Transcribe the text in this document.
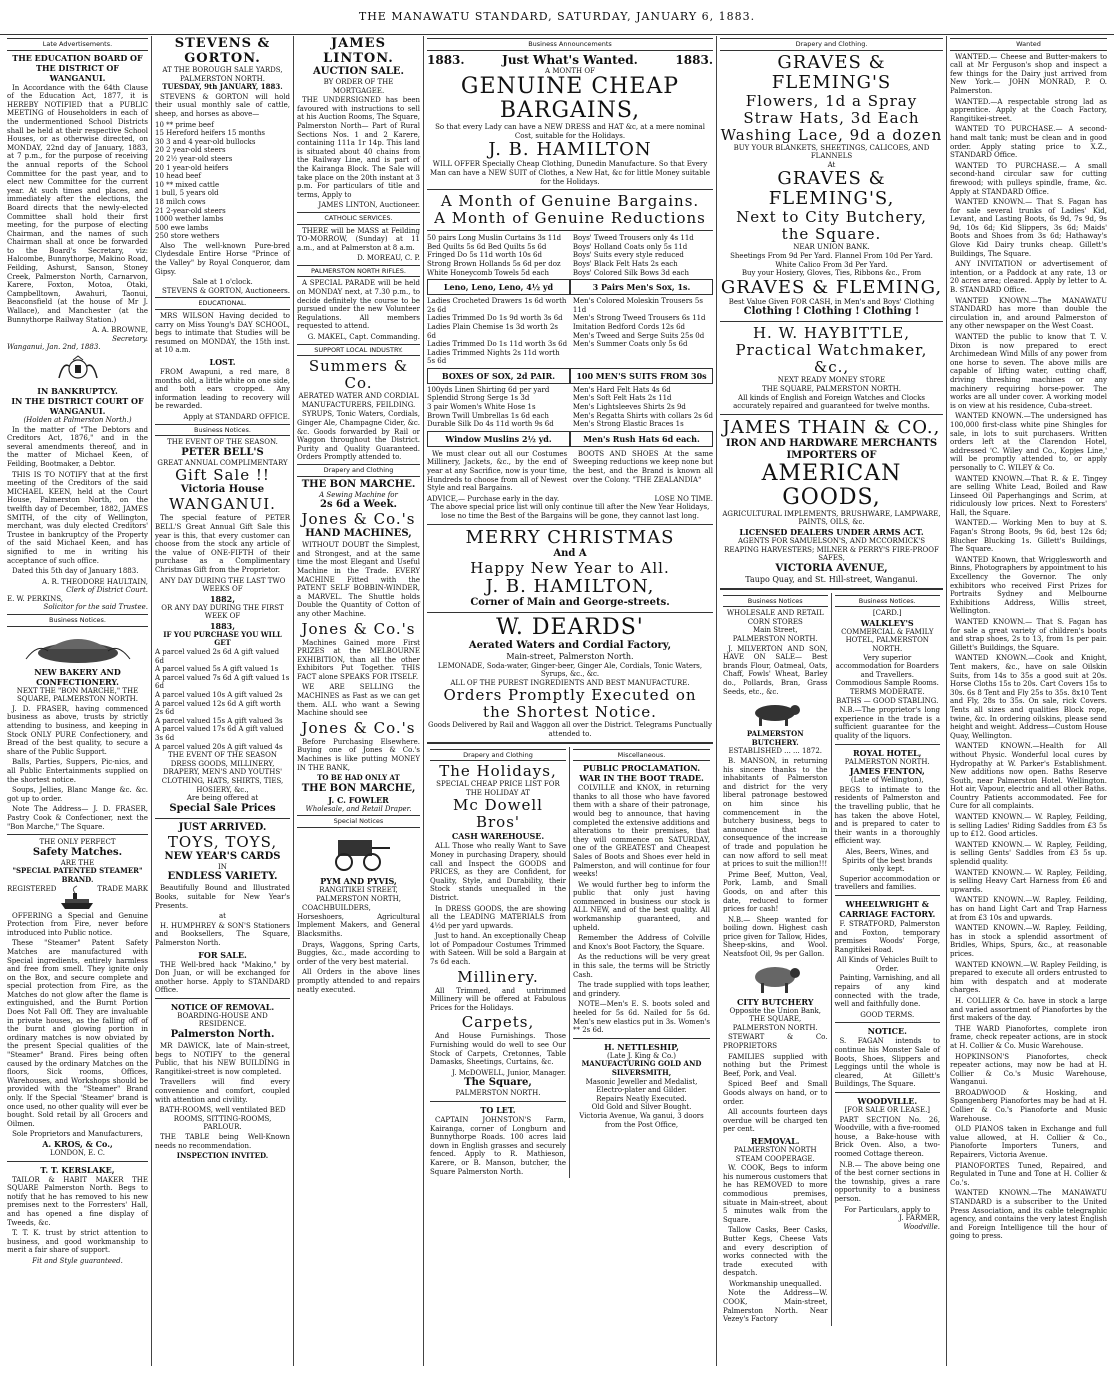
THE MANAWATU STANDARD, SATURDAY, JANUARY 6, 1883.
Late Advertisements.
THE EDUCATION BOARD OF THE DISTRICT OF WANGANUI.
In Accordance with the 64th Clause of the Education Act, 1877, it is HEREBY NOTIFIED that a PUBLIC MEETING of Householders in each of the undermentioned School Districts shall be held at their respective School Houses, or as otherwise directed, on MONDAY, 22nd day of January, 1883, at 7 p.m., for the purpose of receiving the annual reports of the School Committee for the past year, and to elect new Committee for the current year. At such times and places, and immediately after the elections, the Board directs that the newly-elected Committee shall hold their first meeting, for the purpose of electing Chairman, and the names of such Chairman shall at once be forwarded to the Board's Secretary, viz: Halcombe, Bunnythorpe, Makino Road, Feilding, Ashurst, Sanson, Stoney Creek, Palmerston North, Carnarvon, Karere, Foxton, Motoa, Otaki, Campbelltown, Awahuri, Taonui, Beaconsfield (at the house of Mr J. Wallace), and Manchester (at the Bunnythorpe Railway Station.)
A. A. BROWNE,
Secretary.
Wanganui, Jan. 2nd, 1883.
IN BANKRUPTCY.
IN THE DISTRICT COURT OF WANGANUI.
(Holden at Palmerston North.)
In the matter of "The Debtors and Creditors Act, 1876," and in the several amendments thereof, and in the matter of Michael Keen, of Feilding, Bootmaker, a Debtor.
THIS IS TO NOTIFY that at the first meeting of the Creditors of the said MICHAEL KEEN, held at the Court House, Palmerston North, on the twelfth day of December, 1882, JAMES SMITH, of the city of Wellington, merchant, was duly elected Creditors' Trustee in bankruptcy of the Property of the said Michael Keen, and has signified to me in writing his acceptance of such office.
Dated this 5th day of January 1883.
A. R. THEODORE HAULTAIN,
Clerk of District Court.
E. W. PERKINS,
Solicitor for the said Trustee.
Business Notices.
NEW BAKERY AND CONFECTIONERY.
NEXT THE "BON MARCHE," THE SQUARE, PALMERSTON NORTH.
J. D. FRASER, having commenced business as above, trusts by strictly attending to business, and keeping in Stock ONLY PURE Confectionery, and Bread of the best quality, to secure a share of the Public Support.
Balls, Parties, Suppers, Pic-nics, and all Public Entertainments supplied on the shortest notice.
Soups, Jellies, Blanc Mange &c. &c. got up to order.
Note The Address— J. D. FRASER, Pastry Cook & Confectioner, next the "Bon Marche," The Square.
THE ONLY PERFECT
Safety Matches.
ARE THE
"SPECIAL PATENTED STEAMER" BRAND.
REGISTERED	TRADE MARK
OFFERING a Special and Genuine Protection from Fire, never before introduced into Public notice.
These "Steamer" Patent Safety Matches are manufactured with Special ingredients, entirely harmless and free from smell. They ignite only on the Box, and secure complete and special protection from Fire, as the Matches do not glow after the flame is extinguished, and the Burnt Portion Does Not Fall Off. They are invaluable in private houses, as the falling off of the burnt and glowing portion in ordinary matches is now obviated by the present Special qualities of the "Steamer" Brand. Fires being often caused by the ordinary Matches on the floors, Sick rooms, Offices, Warehouses, and Workshops should be provided with the "Steamer" Brand only. If the Special 'Steamer' brand is once used, no other quality will ever be bought. Sold retail by all Grocers and Oilmen.
Sole Proprietors and Manufacturers,
A. KROS, & Co.,
LONDON, E. C.
T. T. KERSLAKE,
TAILOR & HABIT MAKER THE SQUARE Palmerston North. Begs to notify that he has removed to his new premises next to the Forresters' Hall, and has opened a fine display of Tweeds, &c.
T. T. K. trust by strict attention to business, and good workmanship to merit a fair share of support.
Fit and Style guaranteed.
STEVENS & GORTON.
AT THE BOROUGH SALE YARDS, PALMERSTON NORTH.
TUESDAY, 9th JANUARY, 1883.
STEVENS & GORTON will hold their usual monthly sale of cattle, sheep, and horses as above—
10 ** prime beef
15 Hereford heifers 15 months
30 3 and 4 year-old bullocks
20 2 year-old steers
20 2½ year-old steers
20 1 year-old heifers
10 head beef
10 ** mixed cattle
1 bull, 5 years old
18 milch cows
21 2-year-old steers
1000 wether lambs
500 ewe lambs
250 store wethers
Also The well-known Pure-bred Clydesdale Entire Horse "Prince of the Valley" by Royal Conqueror, dam Gipsy.
Sale at 1 o'clock.
STEVENS & GORTON, Auctioneers.
EDUCATIONAL.
MRS WILSON Having decided to carry on Miss Young's DAY SCHOOL, begs to intimate that Studies will be resumed on MONDAY, the 15th inst. at 10 a.m.
LOST.
FROM Awapuni, a red mare, 8 months old, a little white on one side, and both ears cropped. Any information leading to recovery will be rewarded.
Apply at STANDARD OFFICE.
Business Notices.
THE EVENT OF THE SEASON.
PETER BELL'S
GREAT ANNUAL COMPLIMENTARY
Gift Sale !!
Victoria House
WANGANUI.
The special feature of PETER BELL'S Great Annual Gift Sale this year is this, that every customer can choose from the stock any article of the value of ONE-FIFTH of their purchase as a Complimentary Christmas Gift from the Proprietor.
ANY DAY DURING THE LAST TWO WEEKS OF
1882,
OR ANY DAY DURING THE FIRST WEEK OF
1883,
IF YOU PURCHASE YOU WILL GET
A parcel valued 2s 6d A gift valued 6d
A parcel valued 5s A gift valued 1s
A parcel valued 7s 6d A gift valued 1s 6d
A parcel valued 10s A gift valued 2s
A parcel valued 12s 6d A gift worth 2s 6d
A parcel valued 15s A gift valued 3s
A parcel valued 17s 6d A gift valued 3s 6d
A parcel valued 20s A gift valued 4s
THE EVENT OF THE SEASON
DRESS GOODS, MILLINERY, DRAPERY, MEN'S AND YOUTHS' CLOTHING, HATS, SHIRTS, TIES, HOSIERY, &c.,
Are being offered at
Special Sale Prices
JUST ARRIVED.
TOYS, TOYS,
NEW YEAR'S CARDS
IN
ENDLESS VARIETY.
Beautifully Bound and Illustrated Books, suitable for New Year's Presents.
at
H. HUMPHREY & SON'S Stationers and Booksellers, The Square, Palmerston North.
FOR SALE.
THE Well-bred hack "Makino," by Don Juan, or will be exchanged for another horse. Apply to STANDARD Office.
NOTICE OF REMOVAL.
BOARDING-HOUSE AND RESIDENCE.
Palmerston North.
MR DAWICK, late of Main-street, begs to NOTIFY to the general Public, that his NEW BUILDING in Rangitikei-street is now completed.
Travellers will find every convenience and comfort, coupled with attention and civility.
BATH-ROOMS, well ventilated BED ROOMS, SITTING-ROOMS, PARLOUR.
THE TABLE being Well-Known needs no recommendation.
INSPECTION INVITED.
JAMES LINTON.
AUCTION SALE.
BY ORDER OF THE MORTGAGEE.
THE UNDERSIGNED has been favoured with instructions to sell at his Auction Rooms, The Square, Palmerston North— Part of Rural Sections Nos. 1 and 2 Karere, containing 111a 1r 14p. This land is situated about 40 chains from the Railway Line, and is part of the Kairanga Block. The Sale will take place on the 20th instant at 3 p.m. For particulars of title and terms, Apply to
JAMES LINTON, Auctioneer.
CATHOLIC SERVICES.
THERE will be MASS at Feilding TO-MORROW, (Sunday) at 11 a.m., and at Palmerston at 8 a.m.
D. MOREAU, C. P.
PALMERSTON NORTH RIFLES.
A SPECIAL PARADE will be held on MONDAY next, at 7.30 p.m., to decide definitely the course to be pursued under the new Volunteer Regulations. All members requested to attend.
G. MAKEL, Capt. Commanding.
SUPPORT LOCAL INDUSTRY.
Summers & Co.
AERATED WATER AND CORDIAL MANUFACTURERS, FEILDING.
SYRUPS, Tonic Waters, Cordials, Ginger Ale, Champagne Cider, &c. &c. Goods forwarded by Rail or Waggon throughout the District. Purity and Quality Guaranteed. Orders Promptly attended to.
Drapery and Clothing
THE BON MARCHE.
A Sewing Machine for
2s 6d a Week.
Jones & Co.'s
HAND MACHINES,
WITHOUT DOUBT the Simplest, and Strongest, and at the same time the most Elegant and Useful Machine in the Trade. EVERY MACHINE Fitted with the PATENT SELF BOBBIN-WINDER, a MARVEL. The Shuttle holds Double the Quantity of Cotton of any other Machine.
Jones & Co.'s
Machines Gained more First PRIZES at the MELBOURNE EXHIBITION, than all the other Exhibitors Put Together. THIS FACT alone SPEAKS FOR ITSELF.
WE ARE SELLING the MACHINES as Fast as we can get them. ALL who want a Sewing Machine should see
Jones & Co.'s
Before Purchasing Elsewhere. Buying one of Jones & Co.'s Machines is like putting MONEY IN THE BANK,
TO BE HAD ONLY AT
THE BON MARCHE,
J. C. FOWLER
Wholesale, and Retail Draper.
Special Notices
PYM AND PYVIS,
RANGITIKEI STREET, PALMERSTON NORTH,
COACHBUILDERS, Horseshoers, Agricultural Implement Makers, and General Blacksmiths.
Drays, Waggons, Spring Carts, Buggies, &c., made according to order of the very best material.
All Orders in the above lines promptly attended to and repairs neatly executed.
Business Announcements
1883.	Just What's Wanted.	1883.
A MONTH OF
GENUINE CHEAP BARGAINS,
So that every Lady can have a NEW DRESS and HAT &c, at a mere nominal Cost, suitable for the Holidays.
J. B. HAMILTON
WILL OFFER Specially Cheap Clothing, Dunedin Manufacture. So that Every Man can have a NEW SUIT of Clothes, a New Hat, &c for little Money suitable for the Holidays.
A Month of Genuine Bargains.
A Month of Genuine Reductions
50 pairs Long Muslin Curtains 3s 11d
Bed Quilts 5s 6d Bed Quilts 5s 6d
Fringed Do 5s 11d worth 10s 6d
Strong Brown Hollands 5s 6d per doz
White Honeycomb Towels 5d each
Boys' Tweed Trousers only 4s 11d
Boys' Holland Coats only 5s 11d
Boys' Suits every style reduced
Boys' Black Felt Hats 2s each
Boys' Colored Silk Bows 3d each
Leno, Leno, Leno, 4½ yd	3 Pairs Men's Sox, 1s.
Ladies Crocheted Drawers 1s 6d worth 2s 6d
Ladies Trimmed Do 1s 9d worth 3s 6d
Ladies Plain Chemise 1s 3d worth 2s 6d
Ladies Trimmed Do 1s 11d worth 3s 6d
Ladies Trimmed Nights 2s 11d worth 5s 6d
Men's Colored Moleskin Trousers 5s 11d
Men's Strong Tweed Trousers 6s 11d
Imitation Bedford Cords 12s 6d
Men's Tweed and Serge Suits 25s 0d
Men's Summer Coats only 5s 6d
BOXES OF SOX, 2d PAIR.	100 MEN'S SUITS FROM 30s
100yds Linen Shirting 6d per yard
Splendid Strong Serge 1s 3d
3 pair Women's White Hose 1s
Brown Twill Umbrellas 1s 6d each
Durable Silk Do 4s 11d worth 9s 6d
Men's Hard Felt Hats 4s 6d
Men's Soft Felt Hats 2s 11d
Men's Lightsleeves Shirts 2s 9d
Men's Regatta Shirts with collars 2s 6d
Men's Strong Elastic Braces 1s
Window Muslins 2½ yd.	Men's Rush Hats 6d each.
We must clear out all our Costumes Millinery, Jackets, &c., by the end of year at any Sacrifice, now is your time, Hundreds to choose from all of Newest Style and real Bargains.
BOOTS AND SHOES At the same Sweeping reductions we keep none but the best, and the Brand is known all over the Colony. "THE ZEALANDIA"
ADVICE,— Purchase early in the day.	LOSE NO TIME.
The above special price list will only continue till after the New Year Holidays, lose no time the Best of the Bargains will be gone, they cannot last long.
MERRY CHRISTMAS
And A
Happy New Year to All.
J. B. HAMILTON,
Corner of Main and George-streets.
W. DEARDS'
Aerated Waters and Cordial Factory,
Main-street, Palmerston North.
LEMONADE, Soda-water, Ginger-beer, Ginger Ale, Cordials, Tonic Waters, Syrups, &c., &c.
ALL OF THE PUREST INGREDIENTS AND BEST MANUFACTURE.
Orders Promptly Executed on the Shortest Notice.
Goods Delivered by Rail and Waggon all over the District. Telegrams Punctually attended to.
Drapery and Clothing
The Holidays,
SPECIAL CHEAP PRICE LIST FOR THE HOLIDAY AT
Mc Dowell Bros'
CASH WAREHOUSE.
ALL Those who really Want to Save Money in purchasing Drapery, should call and Inspect the GOODS and PRICES, as they are Confident, for Quality, Style, and Durability, their Stock stands unequalled in the District.
In DRESS GOODS, the are showing all the LEADING MATERIALS from 4½d per yard upwards.
Just to hand. An exceptionally Cheap lot of Pompadour Costumes Trimmed with Sateen. Will be sold a Bargain at 7s 6d each.
Millinery.
All Trimmed, and untrimmed Millinery will be offered at Fabulous Prices for the Holidays.
Carpets,
And House Furnishings. Those Furnishing would do well to see Our Stock of Carpets, Cretonnes, Table Damasks, Sheetings, Curtains, &c.
J. McDOWELL, Junior, Manager.
The Square,
PALMERSTON NORTH.
TO LET.
CAPTAIN JOHNSTON'S Farm, Kairanga, corner of Longburn and Bunnythorpe Roads. 100 acres laid down in English grasses and securely fenced. Apply to R. Mathieson, Karere, or B. Manson, butcher, the Square Palmerston North.
Miscellaneous.
PUBLIC PROCLAMATION.
WAR IN THE BOOT TRADE.
COLVILLE and KNOX, in returning thanks to all those who have favored them with a share of their patronage, would beg to announce, that having completed the extensive additions and alterations to their premises, that they will commence on SATURDAY, one of the GREATEST and Cheapest Sales of Boots and Shoes ever held in Palmerston, and will continue for four weeks!
We would further beg to inform the public that only just having commenced in business our stock is ALL NEW, and of the best quality. All workmanship guaranteed, and upheld.
Remember the Address of Colville and Knox's Boot Factory, the Square.
As the reductions will be very great in this sale, the terms will be Strictly Cash.
The trade supplied with tops leather, and grindery.
NOTE—Men's E. S. boots soled and heeled for 5s 6d. Nailed for 5s 6d. Men's new elastics put in 3s. Women's ** 2s 6d.
H. NETTLESHIP,
(Late J. King & Co.)
MANUFACTURING GOLD AND SILVERSMITH,
Masonic Jeweller and Medalist, Electro-plater and Gilder.
Repairs Neatly Executed.
Old Gold and Silver Bought.
Victoria Avenue, Wa ganui, 3 doors from the Post Office,
Drapery and Clothing.
GRAVES & FLEMING'S
Flowers, 1d a Spray
Straw Hats, 3d Each
Washing Lace, 9d a dozen
BUY YOUR BLANKETS, SHEETINGS, CALICOES, AND FLANNELS
At
GRAVES & FLEMING'S,
Next to City Butchery, the Square.
NEAR UNION BANK.
Sheetings From 9d Per Yard. Flannel From 10d Per Yard. White Calico From 3d Per Yard.
Buy your Hosiery, Gloves, Ties, Ribbons &c., From
GRAVES & FLEMING,
Best Value Given FOR CASH, in Men's and Boys' Clothing
Clothing ! Clothing ! Clothing !
H. W. HAYBITTLE,
Practical Watchmaker, &c.,
NEXT READY MONEY STORE
THE SQUARE, PALMERSTON NORTH.
All kinds of English and Foreign Watches and Clocks accurately repaired and guaranteed for twelve months.
JAMES THAIN & CO.,
IRON AND HARDWARE MERCHANTS
IMPORTERS OF
AMERICAN GOODS,
AGRICULTURAL IMPLEMENTS, BRUSHWARE, LAMPWARE, PAINTS, OILS, &c.
LICENSED DEALERS UNDER ARMS ACT.
AGENTS FOR SAMUELSON'S, AND MCCORMICK'S REAPING HARVESTERS; MILNER & PERRY'S FIRE-PROOF SAFES,
VICTORIA AVENUE,
Taupo Quay, and St. Hill-street, Wanganui.
Business Notices
WHOLESALE AND RETAIL CORN STORES
Main Street,
PALMERSTON NORTH.
J. MILVERTON AND SON, HAVE ON SALE— Best brands Flour, Oatmeal, Oats, Chaff, Fowls' Wheat, Barley do., Pollards, Bran, Grass Seeds, etc., &c.
PALMERSTON BUTCHERY.
ESTABLISHED ... ... 1872.
B. MANSON, in returning his sincere thanks to the inhabitants of Palmerston and district for the very liberal patronage bestowed on him since his commencement in the butchery business, begs to announce that in consequence of the increase of trade and population he can now afford to sell meat at prices to suit the million!!!
Prime Beef, Mutton, Veal, Pork, Lamb, and Small Goods, on and after this date, reduced to former prices for cash!
N.B.— Sheep wanted for boiling down. Highest cash price given for Tallow, Hides, Sheep-skins, and Wool. Neatsfoot Oil, 9s per Gallon.
CITY BUTCHERY
Opposite the Union Bank,
THE SQUARE,
PALMERSTON NORTH.
STEWART & Co. PROPRIETORS
FAMILIES supplied with nothing but the Primest Beef, Pork, and Veal.
Spiced Beef and Small Goods always on hand, or to order.
All accounts fourteen days overdue will be charged ten per cent.
REMOVAL.
PALMERSTON NORTH STEAM COOPERAGE.
W. COOK, Begs to inform his numerous customers that he has REMOVED to more commodious premises, situate in Main-street, about 5 minutes walk from the Square.
Tallow Casks, Beer Casks, Butter Kegs, Cheese Vats and every description of works connected with the trade executed with despatch.
Workmanship unequalled.
Note the Address—W. COOK, Main-street, Palmerston North. Near Vezey's Factory
Business Notices.
[CARD.]
WALKLEY'S
COMMERCIAL & FAMILY HOTEL, PALMERSTON NORTH.
Very superior accommodation for Boarders and Travellers.
Commodious Sample Rooms. TERMS MODERATE.
BATHS — GOOD STABLING.
N.B.—The proprietor's long experience in the trade is a sufficient guarantee for the quality of the liquors.
ROYAL HOTEL,
PALMERSTON NORTH.
JAMES FENTON,
(Late of Wellington),
BEGS to intimate to the residents of Palmerston and the travelling public, that he has taken the above Hotel, and is prepared to cater to their wants in a thoroughly efficient way.
Ales, Beers, Wines, and Spirits of the best brands only kept.
Superior accommodation or travellers and families.
WHEELWRIGHT & CARRIAGE FACTORY.
F. STRATFORD, Palmerston and Foxton, temporary premises Woods' Forge, Rangitikei Road.
All Kinds of Vehicles Built to Order.
Painting, Varnishing, and all repairs of any kind connected with the trade, well and faithfully done.
GOOD TERMS.
NOTICE.
S. FAGAN intends to continue his Monster Sale of Boots, Shoes, Slippers and Leggings until the whole is cleared, At Gillett's Buildings, The Square.
WOODVILLE.
[FOR SALE OR LEASE.]
PART SECTION No. 26, Woodville, with a five-roomed house, a Bake-house with Brick Oven. Also, a two-roomed Cottage thereon.
N.B.— The above being one of the best corner sections in the township, gives a rare opportunity to a business person.
For Particulars, apply to
J. FARMER,
Woodville.
Wanted
WANTED.— Cheese and Butter-makers to call at Mr Ferguson's shop and inspect a few things for the Dairy just arrived from New York.— JOHN MONRAD, P. O. Palmerston.
WANTED.—A respectable strong lad as apprentice. Apply at the Coach Factory, Rangitikei-street.
WANTED TO PURCHASE.— A second-hand malt tank; must be clean and in good order. Apply stating price to X.Z., STANDARD Office.
WANTED TO PURCHASE.— A small second-hand circular saw for cutting firewood; with pulleys spindle, frame, &c. Apply at STANDARD Office.
WANTED KNOWN.— That S. Fagan has for sale several trunks of Ladies' Kid, Levant, and Lasting Boots, 6s 9d, 7s 9d, 9s 9d, 10s 6d; Kid Slippers, 3s 6d; Maids' Boots and Shoes from 3s 6d; Hathaway's Glove Kid Dairy trunks cheap. Gillett's Buildings, The Square.
ANY INVITATION or advertisement of intention, or a Paddock at any rate, 13 or 20 acres area; cleared. Apply by letter to A. B. STANDARD Office.
WANTED KNOWN.—The MANAWATU STANDARD has more than double the circulation in, and around Palmerston of any other newspaper on the West Coast.
WANTED the public to know that T. V. Dixon is now prepared to erect Archimedean Wind Mills of any power from one horse to seven. The above mills are capable of lifting water, cutting chaff, driving threshing machines or any machinery requiring horse-power. The works are all under cover. A working model is on view at his residence, Cuba-street.
WANTED KNOWN.—The undersigned has 100,000 first-class white pine Shingles for sale, in lots to suit purchasers. Written orders left at the Clarendon Hotel, addressed 'C. Wiley and Co., Kopjes Line,' will be promptly attended to, or apply personally to C. WILEY & Co.
WANTED KNOWN.—That R. & E. Tingey are selling White Lead, Boiled and Raw Linseed Oil Paperhangings and Scrim, at ridiculously low prices. Next to Foresters' Hall, the Square.
WANTED.— Working Men to buy at S. Fagan's Strong Boots, 9s 6d, best 12s 6d; Blucher Blucking 1s. Gillett's Buildings, The Square.
WANTED Known, that Wrigglesworth and Binns, Photographers by appointment to his Excellency the Governor. The only exhibitors who received First Prizes for Portraits Sydney and Melbourne Exhibitions Address, Willis street, Wellington.
WANTED KNOWN.— That S. Fagan has for sale a great variety of children's boots and strap shoes, 2s to 13, from 1s per pair. Gillett's Buildings, the Square.
WANTED KNOWN.—Cook and Knight, Tent makers, &c., have on sale Oilskin Suits, from 14s to 35s a good suit at 20s. Horse Cloths 15s to 20s. Cart Covers 15s to 30s. 6s 8 Tent and Fly 25s to 35s. 8x10 Tent and Fly, 28s to 35s. On sale, rick Covers. Tents all sizes and qualities Block rope, twine, &c. In ordering oilskins, please send height and weight. Address—Custom House Quay, Wellington.
WANTED KNOWN.—Health for All without Physic. Wonderful local cures by Hydropathy at W. Parker's Establishment. New additions now open. Baths Reserve South, near Palmerston Hotel. Wellington. Hot air, Vapour, electric and all other Baths. Country Patients accommodated. Fee for Cure for all complaints.
WANTED KNOWN.— W. Rapley, Feilding, is selling Ladies' Riding Saddles from £3 5s up to £12. Good articles.
WANTED KNOWN.— W. Rapley, Feilding, is selling Gents' Saddles from £3 5s up. splendid quality.
WANTED KNOWN.— W. Rapley, Feilding, is selling Heavy Cart Harness from £6 and upwards.
WANTED KNOWN.—W. Rapley, Feilding, has on hand Light Cart and Trap Harness at from £3 10s and upwards.
WANTED KNOWN.—W. Rapley, Feilding, has in stock a splendid assortment of Bridles, Whips, Spurs, &c., at reasonable prices.
WANTED KNOWN.—W. Rapley Feilding, is prepared to execute all orders entrusted to him with despatch and at moderate charges.
H. COLLIER & Co. have in stock a large and varied assortment of Pianofortes by the first makers of the day.
THE WARD Pianofortes, complete iron frame, check repeater actions, are in stock at H. Collier & Co. Music Warehouse.
HOPKINSON'S Pianofortes, check repeater actions, may now be had at H. Collier & Co.'s Music Warehouse, Wanganui.
BROADWOOD & Hosking, and Spangenberg Pianofortes may be had at H. Collier & Co.'s Pianoforte and Music Warehouse.
OLD PIANOS taken in Exchange and full value allowed, at H. Collier & Co., Pianoforte Importers Tuners, and Repairers, Victoria Avenue.
PIANOFORTES Tuned, Repaired, and Regulated in Tune and Tone at H. Collier & Co.'s.
WANTED KNOWN.—The MANAWATU STANDARD is a subscriber to the United Press Association, and its cable telegraphic agency, and contains the very latest English and Foreign Intelligence till the hour of going to press.
